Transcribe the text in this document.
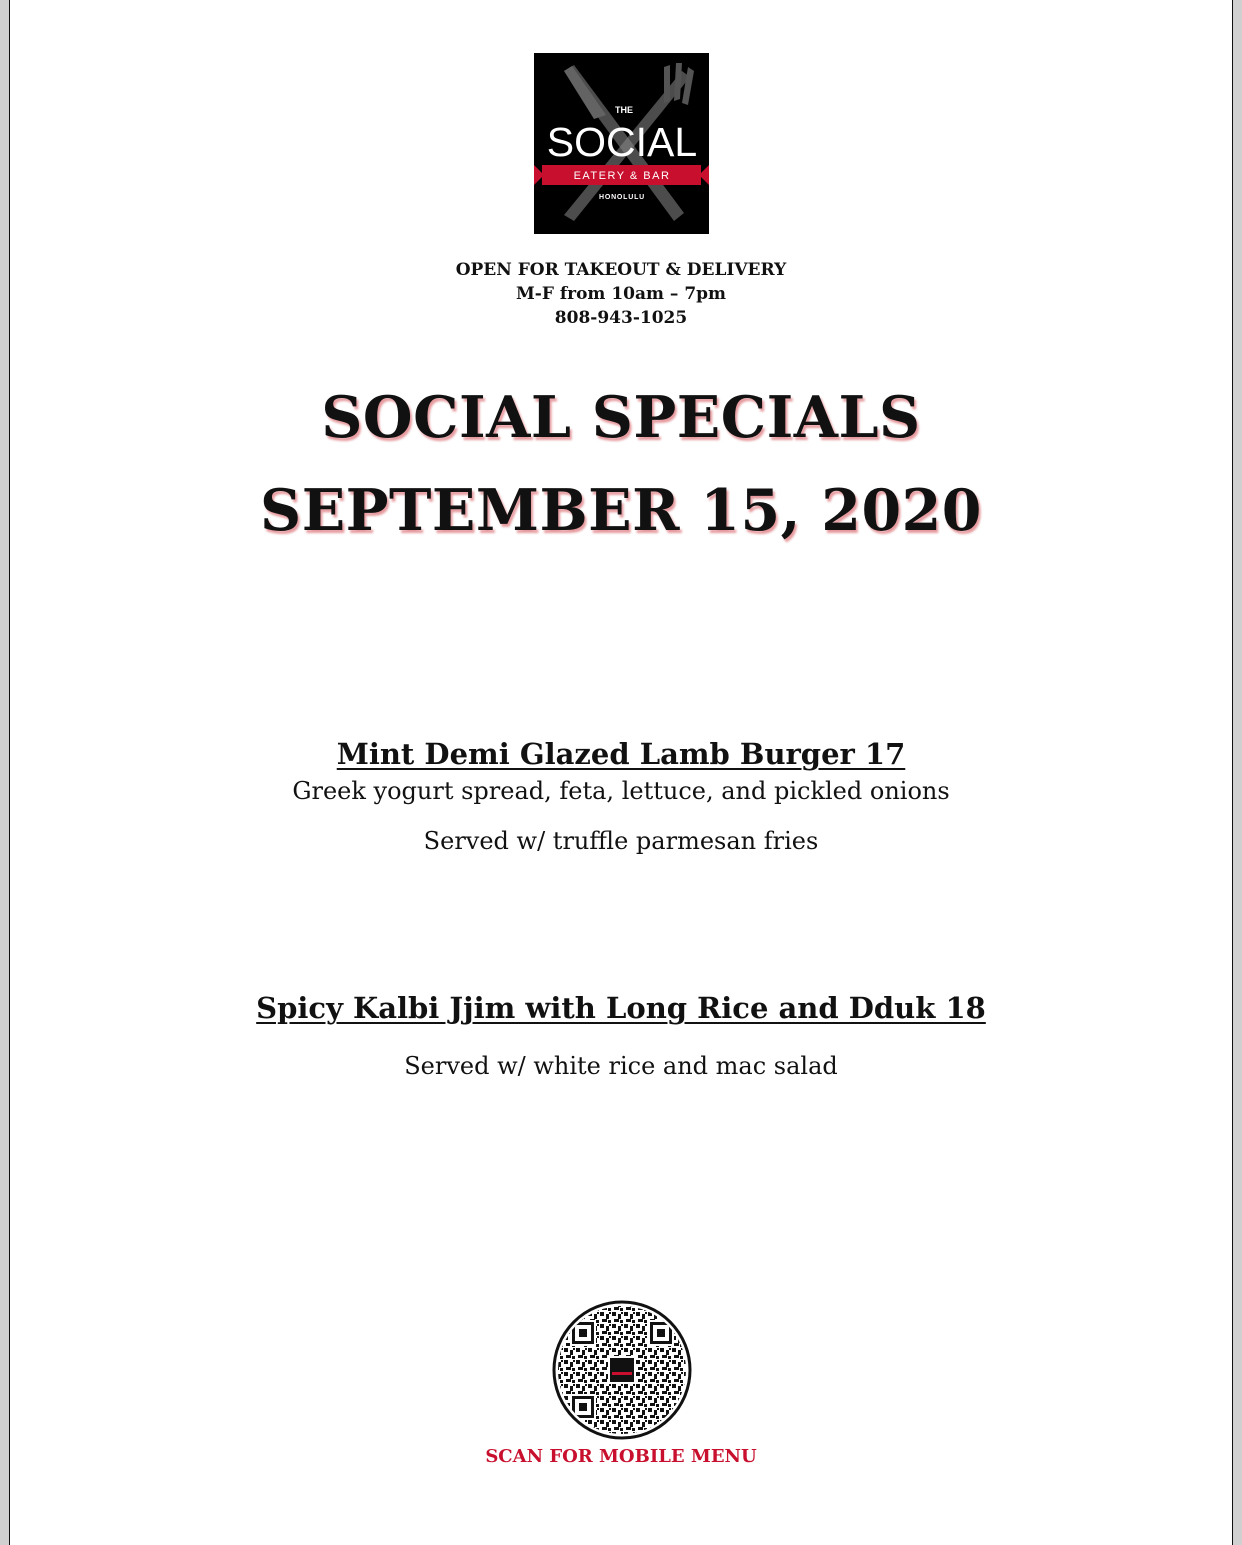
THE
SOCIAL
EATERY & BAR
HONOLULU
OPEN FOR TAKEOUT & DELIVERY
M-F from 10am – 7pm
808-943-1025
SOCIAL SPECIALS
SEPTEMBER 15, 2020
Mint Demi Glazed Lamb Burger 17
Greek yogurt spread, feta, lettuce, and pickled onions
Served w/ truffle parmesan fries
Spicy Kalbi Jjim with Long Rice and Dduk 18
Served w/ white rice and mac salad
SCAN FOR MOBILE MENU
